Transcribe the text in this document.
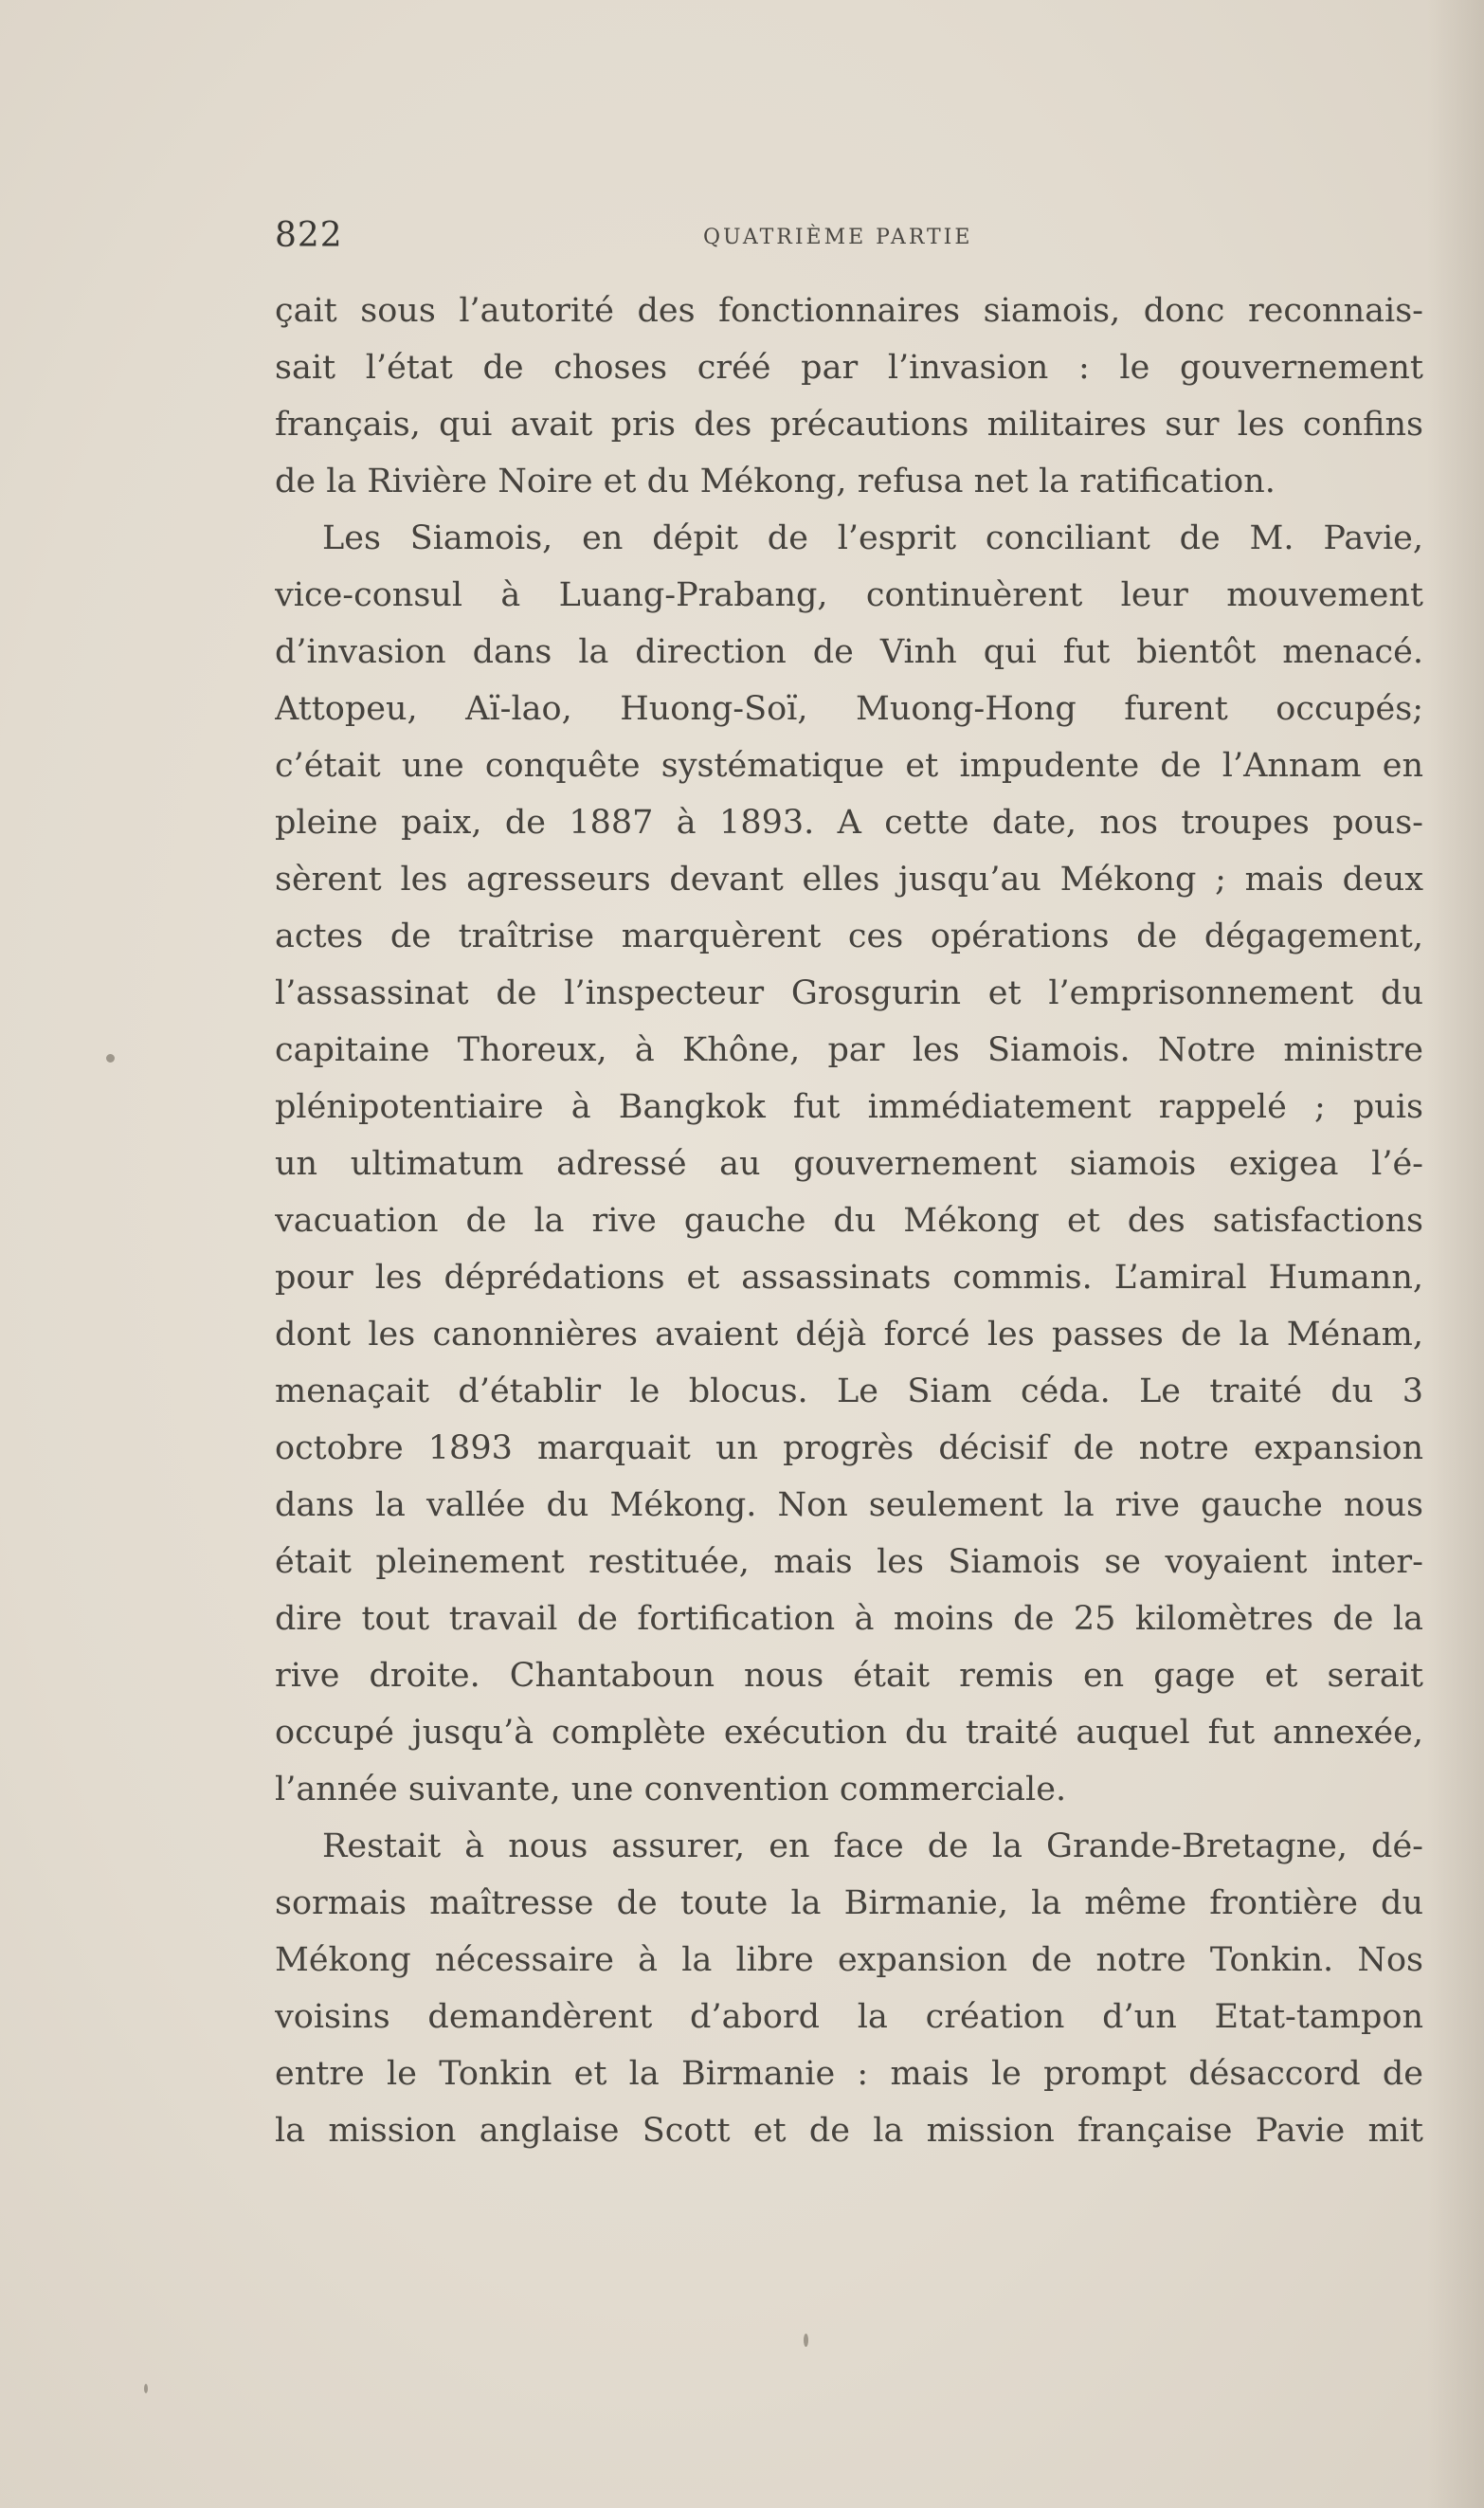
822	QUATRIÈME PARTIE
çait sous l’autorité des fonctionnaires siamois, donc reconnais-
sait l’état de choses créé par l’invasion : le gouvernement
français, qui avait pris des précautions militaires sur les confins
de la Rivière Noire et du Mékong, refusa net la ratification.
Les Siamois, en dépit de l’esprit conciliant de M. Pavie,
vice-consul à Luang-Prabang, continuèrent leur mouvement
d’invasion dans la direction de Vinh qui fut bientôt menacé.
Attopeu, Aï-lao, Huong-Soï, Muong-Hong furent occupés;
c’était une conquête systématique et impudente de l’Annam en
pleine paix, de 1887 à 1893. A cette date, nos troupes pous-
sèrent les agresseurs devant elles jusqu’au Mékong ; mais deux
actes de traîtrise marquèrent ces opérations de dégagement,
l’assassinat de l’inspecteur Grosgurin et l’emprisonnement du
capitaine Thoreux, à Khône, par les Siamois. Notre ministre
plénipotentiaire à Bangkok fut immédiatement rappelé ; puis
un ultimatum adressé au gouvernement siamois exigea l’é-
vacuation de la rive gauche du Mékong et des satisfactions
pour les déprédations et assassinats commis. L’amiral Humann,
dont les canonnières avaient déjà forcé les passes de la Ménam,
menaçait d’établir le blocus. Le Siam céda. Le traité du 3
octobre 1893 marquait un progrès décisif de notre expansion
dans la vallée du Mékong. Non seulement la rive gauche nous
était pleinement restituée, mais les Siamois se voyaient inter-
dire tout travail de fortification à moins de 25 kilomètres de la
rive droite. Chantaboun nous était remis en gage et serait
occupé jusqu’à complète exécution du traité auquel fut annexée,
l’année suivante, une convention commerciale.
Restait à nous assurer, en face de la Grande-Bretagne, dé-
sormais maîtresse de toute la Birmanie, la même frontière du
Mékong nécessaire à la libre expansion de notre Tonkin. Nos
voisins demandèrent d’abord la création d’un Etat-tampon
entre le Tonkin et la Birmanie : mais le prompt désaccord de
la mission anglaise Scott et de la mission française Pavie mit
